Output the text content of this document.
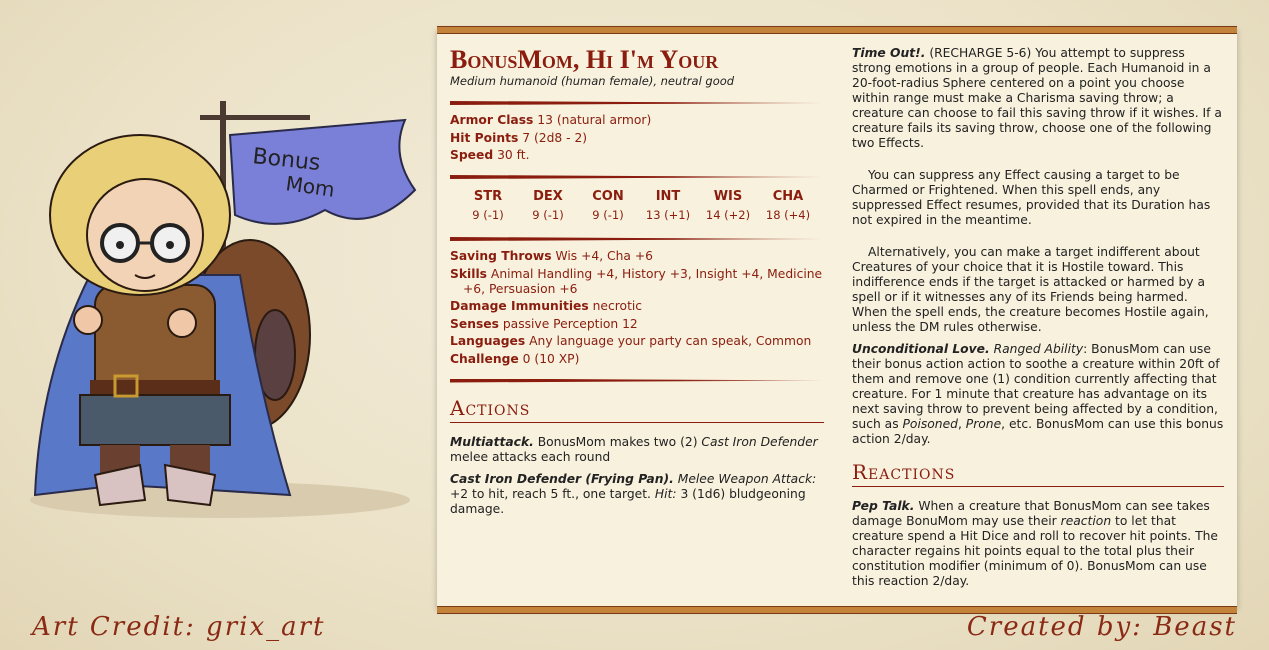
Bonus
Mom
BonusMom, Hi I'm Your
Medium humanoid (human female), neutral good
Armor Class 13 (natural armor)
Hit Points 7 (2d8 - 2)
Speed 30 ft.
STR
9 (-1)
DEX
9 (-1)
CON
9 (-1)
INT
13 (+1)
WIS
14 (+2)
CHA
18 (+4)
Saving Throws Wis +4, Cha +6
Skills Animal Handling +4, History +3, Insight +4, Medicine +6, Persuasion +6
Damage Immunities necrotic
Senses passive Perception 12
Languages Any language your party can speak, Common
Challenge 0 (10 XP)
Actions

Multiattack. BonusMom makes two (2) Cast Iron Defender melee attacks each round

Cast Iron Defender (Frying Pan). Melee Weapon Attack: +2 to hit, reach 5 ft., one target. Hit: 3 (1d6) bludgeoning damage.

Time Out!. (RECHARGE 5-6) You attempt to suppress strong emotions in a group of people. Each Humanoid in a 20-foot-radius Sphere centered on a point you choose within range must make a Charisma saving throw; a creature can choose to fail this saving throw if it wishes. If a creature fails its saving throw, choose one of the following two Effects.

You can suppress any Effect causing a target to be Charmed or Frightened. When this spell ends, any suppressed Effect resumes, provided that its Duration has not expired in the meantime.

Alternatively, you can make a target indifferent about Creatures of your choice that it is Hostile toward. This indifference ends if the target is attacked or harmed by a spell or if it witnesses any of its Friends being harmed. When the spell ends, the creature becomes Hostile again, unless the DM rules otherwise.

Unconditional Love. Ranged Ability: BonusMom can use their bonus action action to soothe a creature within 20ft of them and remove one (1) condition currently affecting that creature. For 1 minute that creature has advantage on its next saving throw to prevent being affected by a condition, such as Poisoned, Prone, etc. BonusMom can use this bonus action 2/day.

Reactions

Pep Talk. When a creature that BonusMom can see takes damage BonuMom may use their reaction to let that creature spend a Hit Dice and roll to recover hit points. The character regains hit points equal to the total plus their constitution modifier (minimum of 0). BonusMom can use this reaction 2/day.

Art Credit: grix_art	Created by: Beast
